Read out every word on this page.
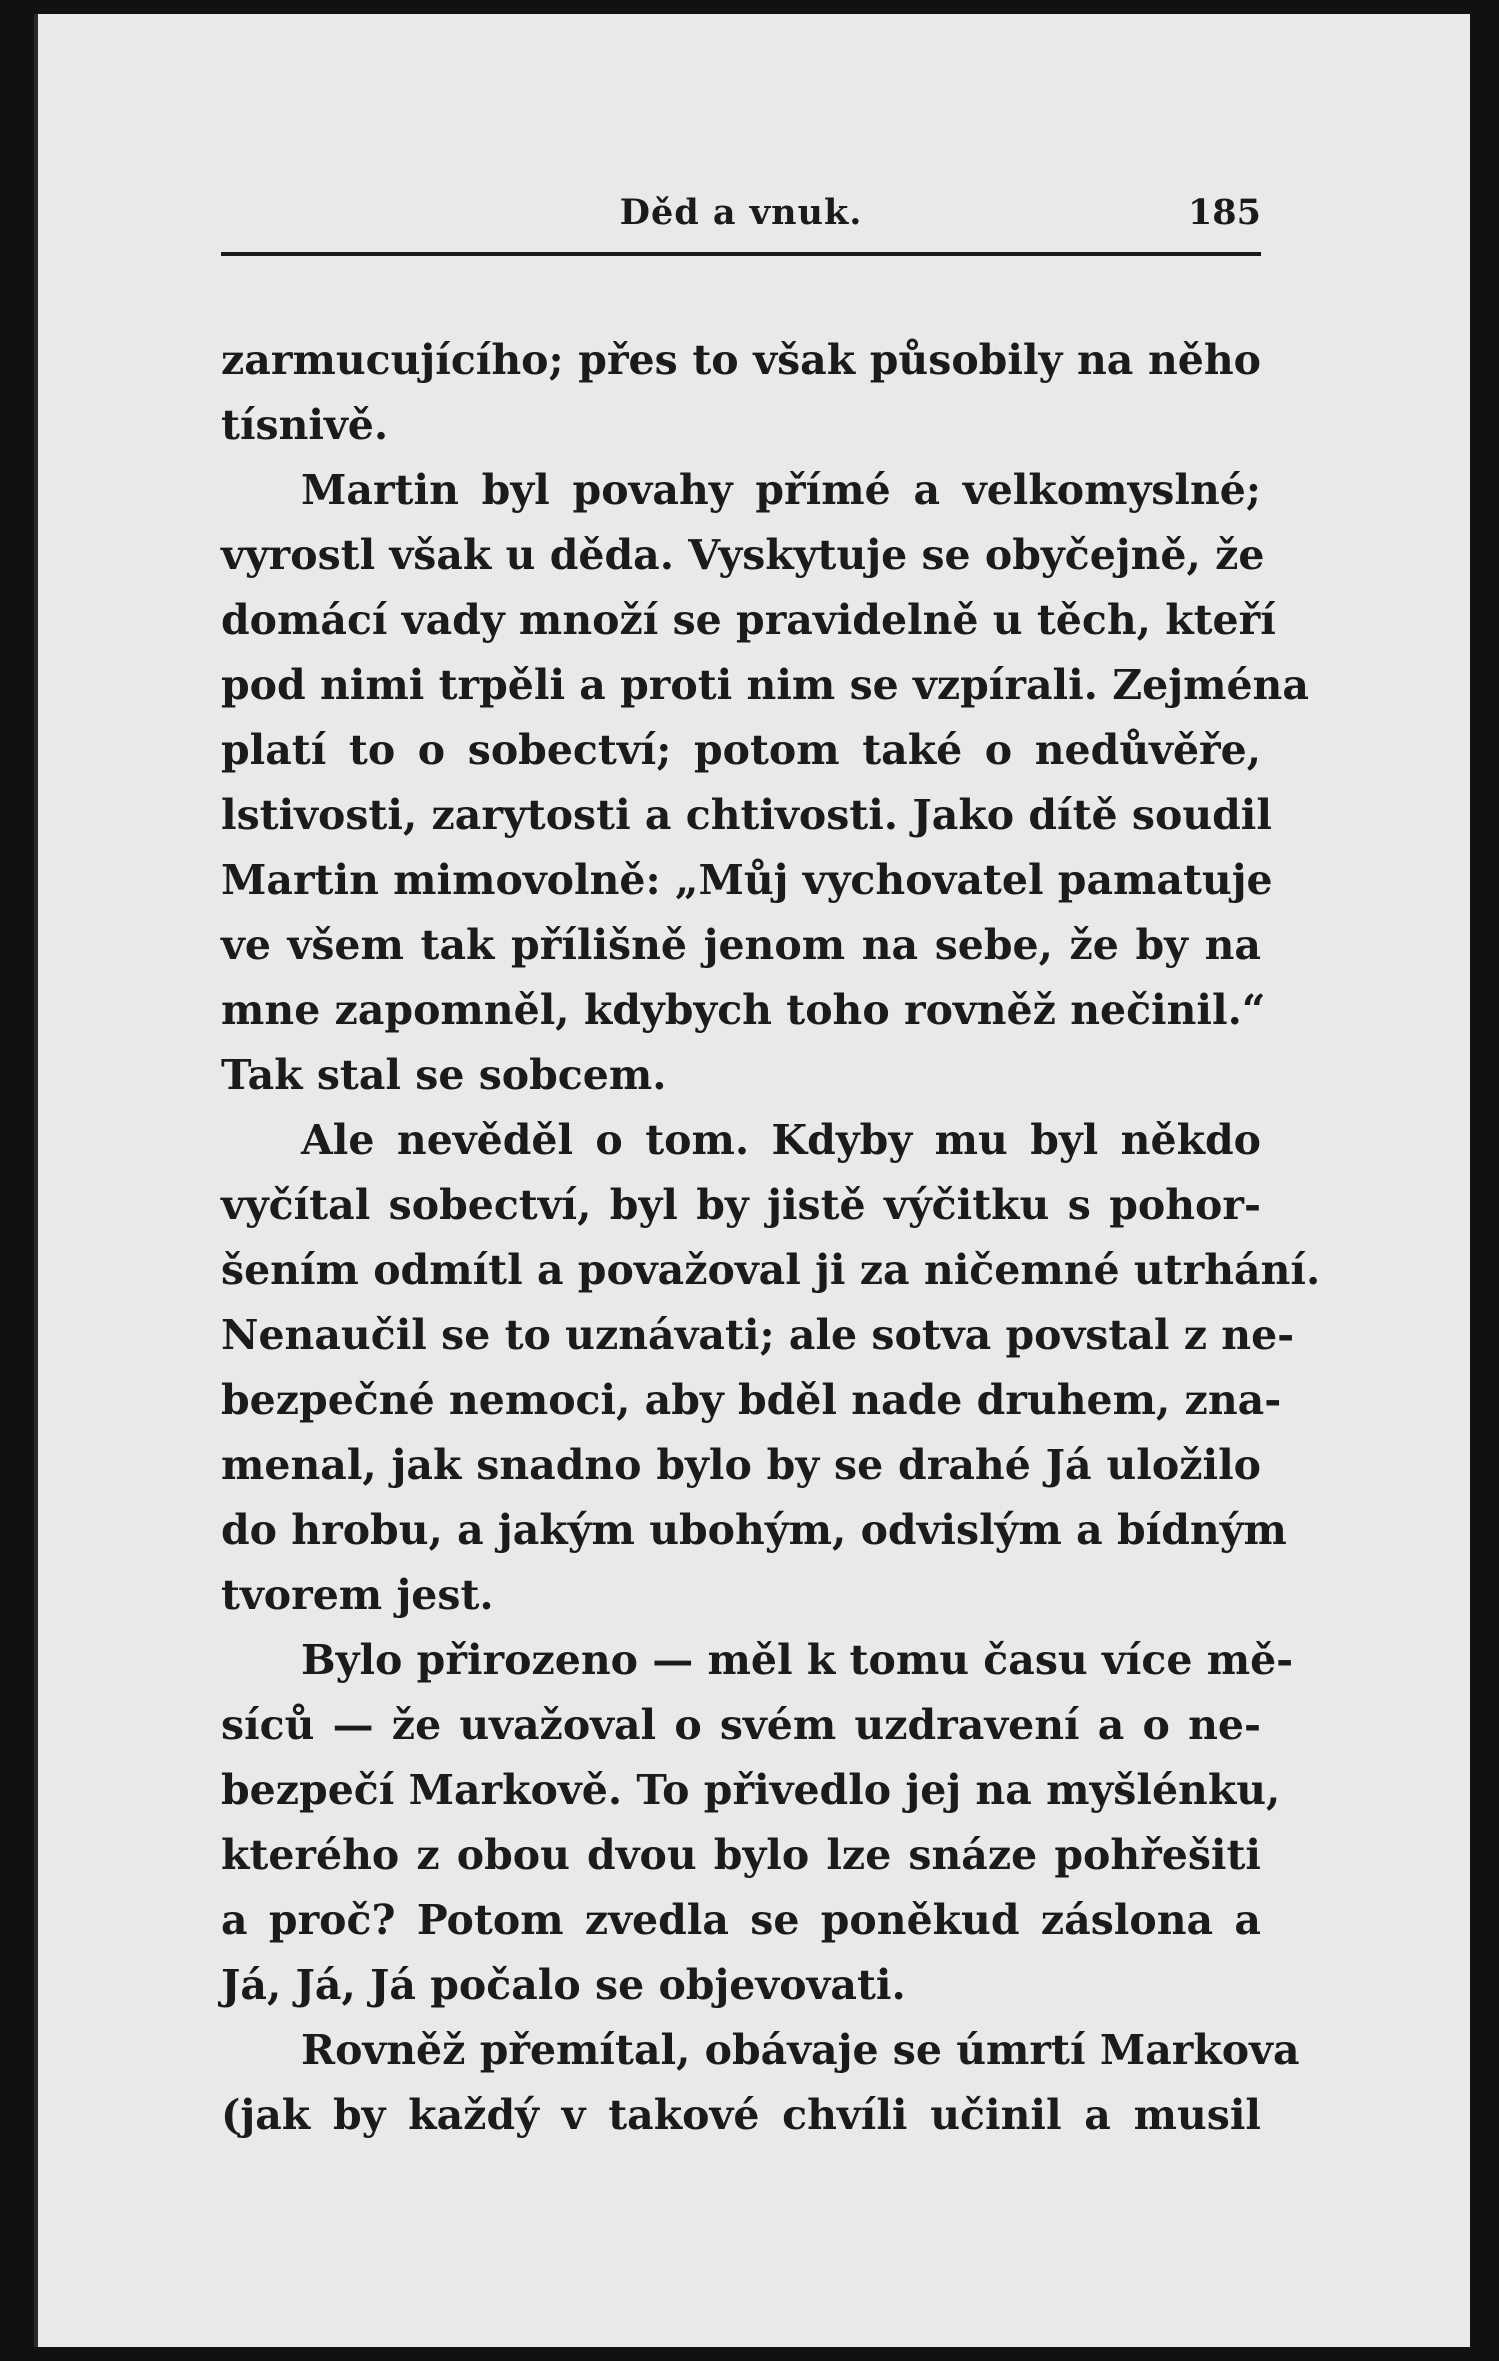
Děd a vnuk.	185
zarmucujícího; přes to však působily na něho
tísnivě.
Martin byl povahy přímé a velkomyslné;
vyrostl však u děda. Vyskytuje se obyčejně, že
domácí vady množí se pravidelně u těch, kteří
pod nimi trpěli a proti nim se vzpírali. Zejména
platí to o sobectví; potom také o nedůvěře,
lstivosti, zarytosti a chtivosti. Jako dítě soudil
Martin mimovolně: „Můj vychovatel pamatuje
ve všem tak přílišně jenom na sebe, že by na
mne zapomněl, kdybych toho rovněž nečinil.“
Tak stal se sobcem.
Ale nevěděl o tom. Kdyby mu byl někdo
vyčítal sobectví, byl by jistě výčitku s pohor-
šením odmítl a považoval ji za ničemné utrhání.
Nenaučil se to uznávati; ale sotva povstal z ne-
bezpečné nemoci, aby bděl nade druhem, zna-
menal, jak snadno bylo by se drahé Já uložilo
do hrobu, a jakým ubohým, odvislým a bídným
tvorem jest.
Bylo přirozeno — měl k tomu času více mě-
síců — že uvažoval o svém uzdravení a o ne-
bezpečí Markově. To přivedlo jej na myšlénku,
kterého z obou dvou bylo lze snáze pohřešiti
a proč? Potom zvedla se poněkud záslona a
Já, Já, Já počalo se objevovati.
Rovněž přemítal, obávaje se úmrtí Markova
(jak by každý v takové chvíli učinil a musil
